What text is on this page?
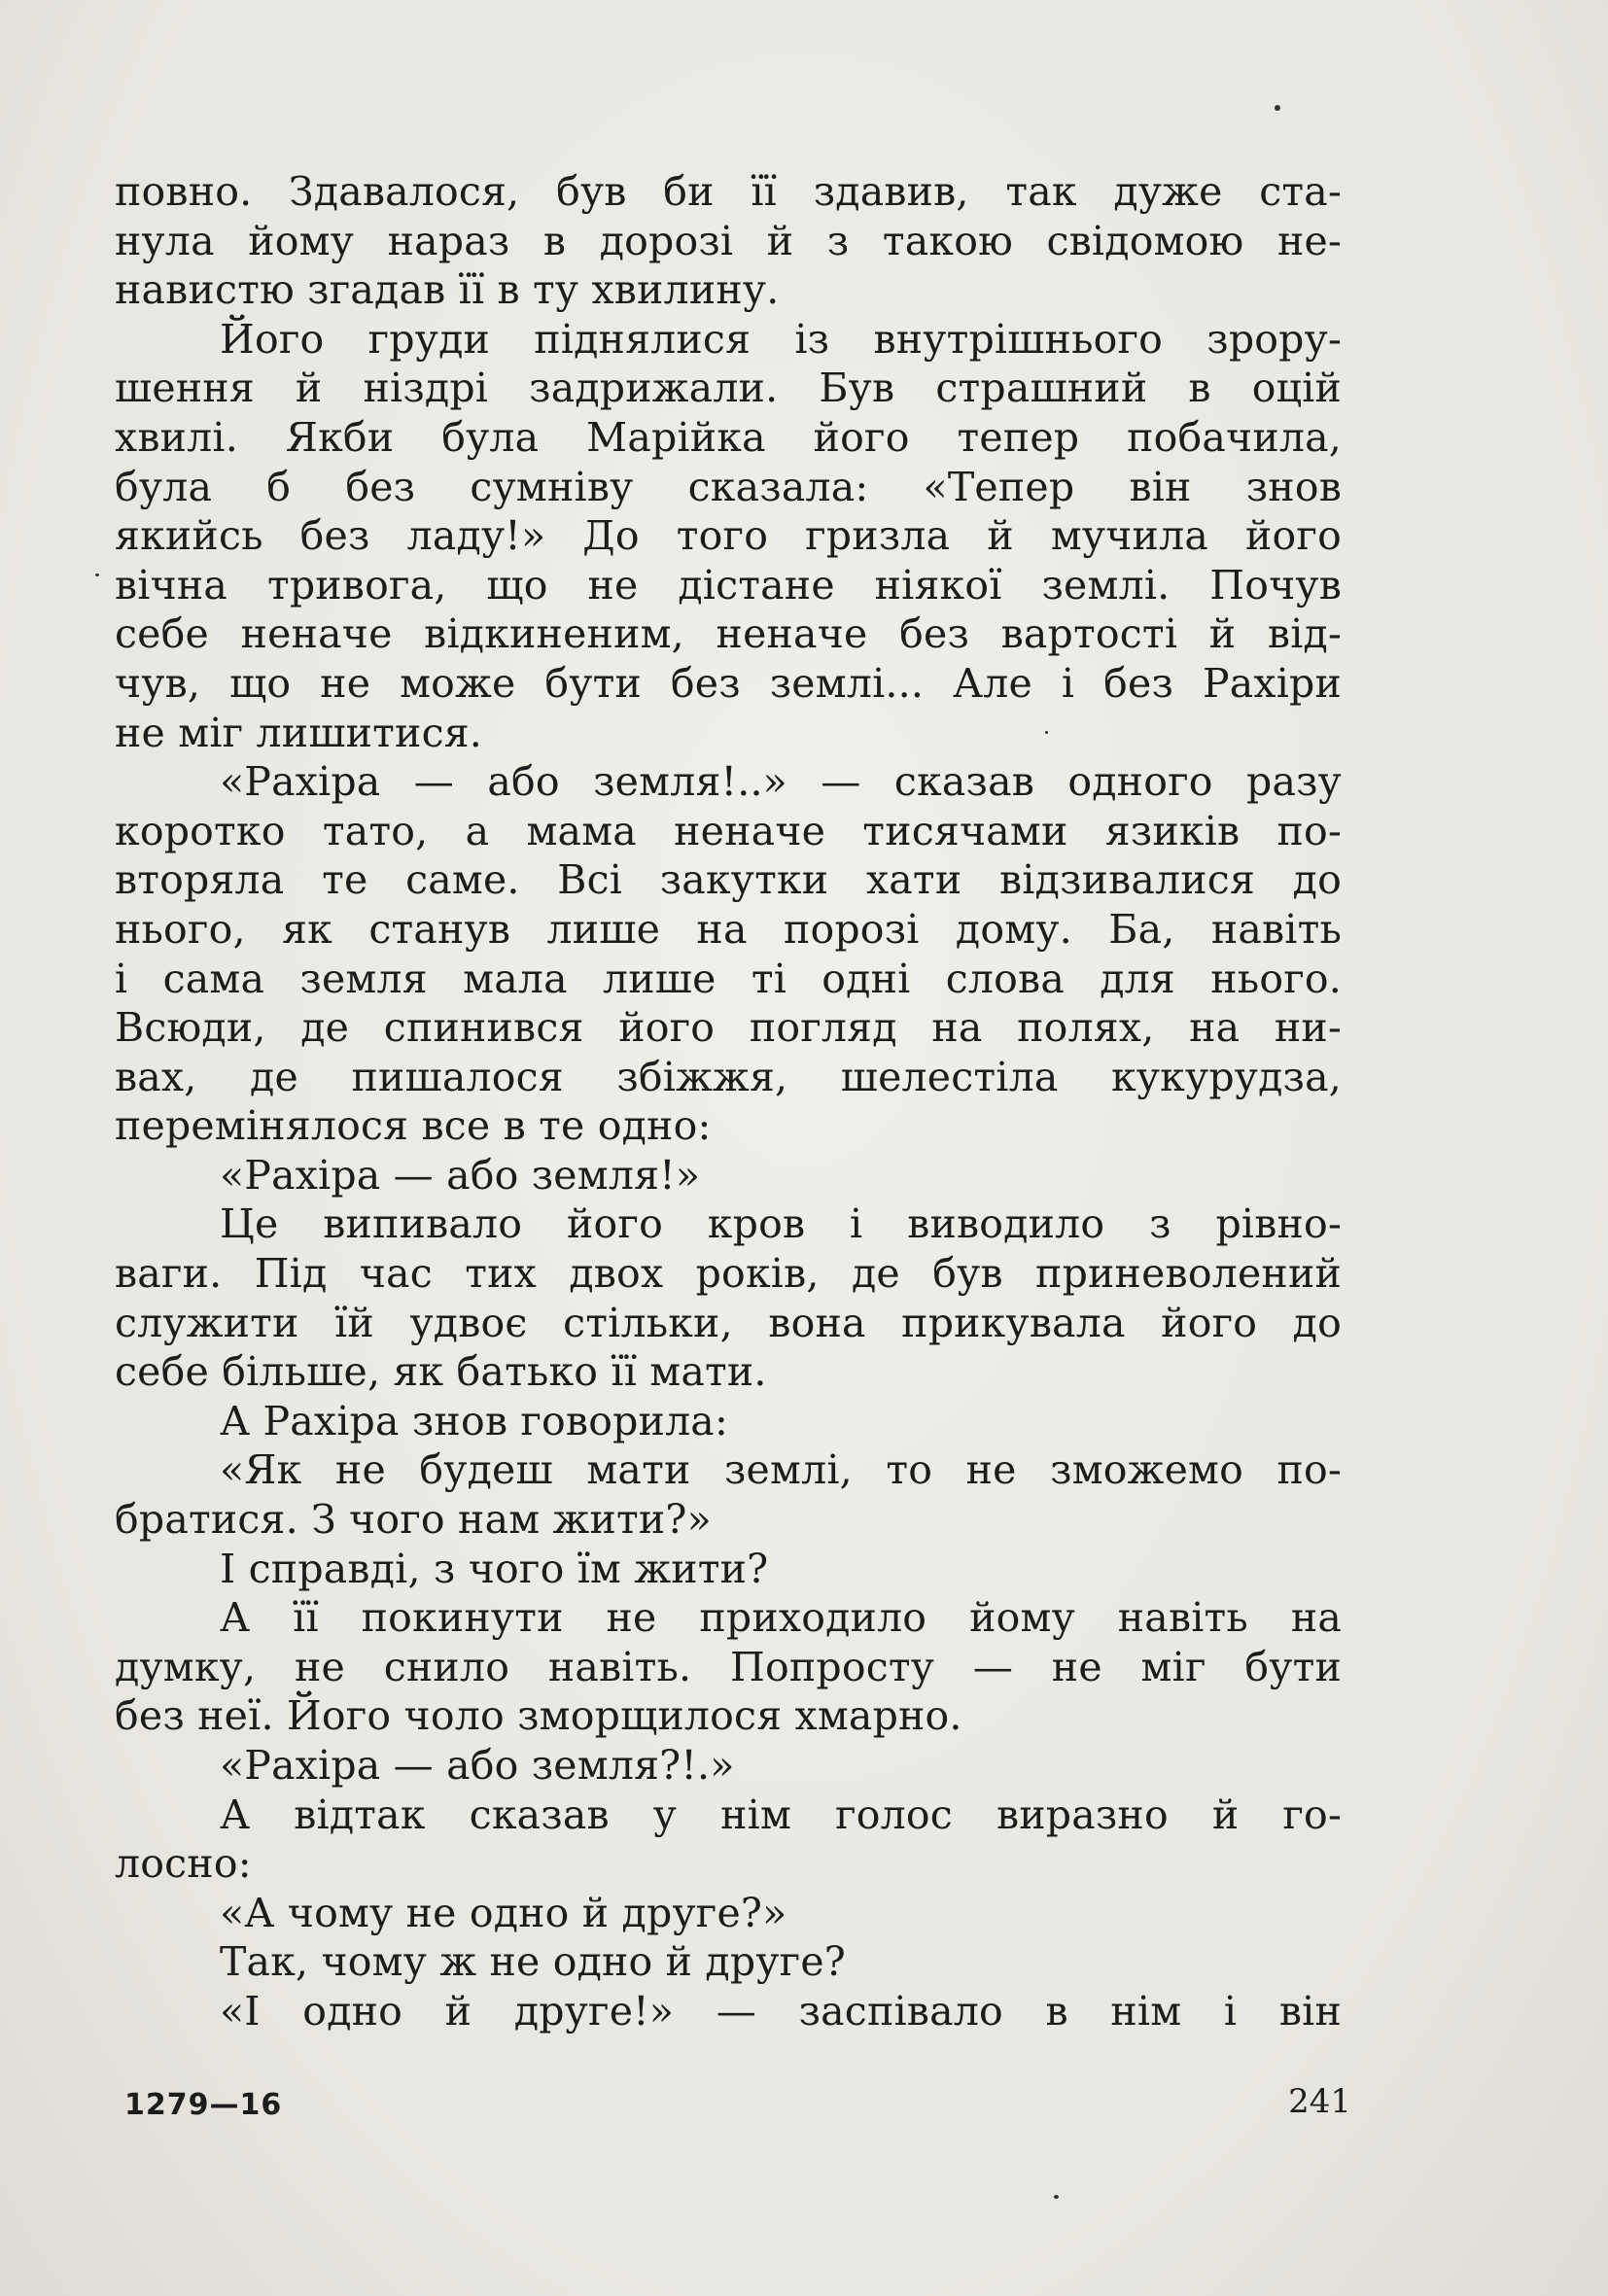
повно. Здавалося, був би її здавив, так дуже ста-
нула йому нараз в дорозі й з такою свідомою не-
навистю згадав її в ту хвилину.
Його груди піднялися із внутрішнього зрору-
шення й ніздрі задрижали. Був страшний в оцій
хвилі. Якби була Марійка його тепер побачила,
була б без сумніву сказала: «Тепер він знов
якийсь без ладу!» До того гризла й мучила його
вічна тривога, що не дістане ніякої землі. Почув
себе неначе відкиненим, неначе без вартості й від-
чув, що не може бути без землі... Але і без Рахіри
не міг лишитися.
«Рахіра — або земля!..» — сказав одного разу
коротко тато, а мама неначе тисячами язиків по-
вторяла те саме. Всі закутки хати відзивалися до
нього, як станув лише на порозі дому. Ба, навіть
і сама земля мала лише ті одні слова для нього.
Всюди, де спинився його погляд на полях, на ни-
вах, де пишалося збіжжя, шелестіла кукурудза,
перемінялося все в те одно:
«Рахіра — або земля!»
Це випивало його кров і виводило з рівно-
ваги. Під час тих двох років, де був приневолений
служити їй удвоє стільки, вона прикувала його до
себе більше, як батько її мати.
А Рахіра знов говорила:
«Як не будеш мати землі, то не зможемо по-
братися. З чого нам жити?»
І справді, з чого їм жити?
А її покинути не приходило йому навіть на
думку, не снило навіть. Попросту — не міг бути
без неї. Його чоло зморщилося хмарно.
«Рахіра — або земля?!.»
А відтак сказав у нім голос виразно й го-
лосно:
«А чому не одно й друге?»
Так, чому ж не одно й друге?
«І одно й друге!» — заспівало в нім і він
1279—16	241
